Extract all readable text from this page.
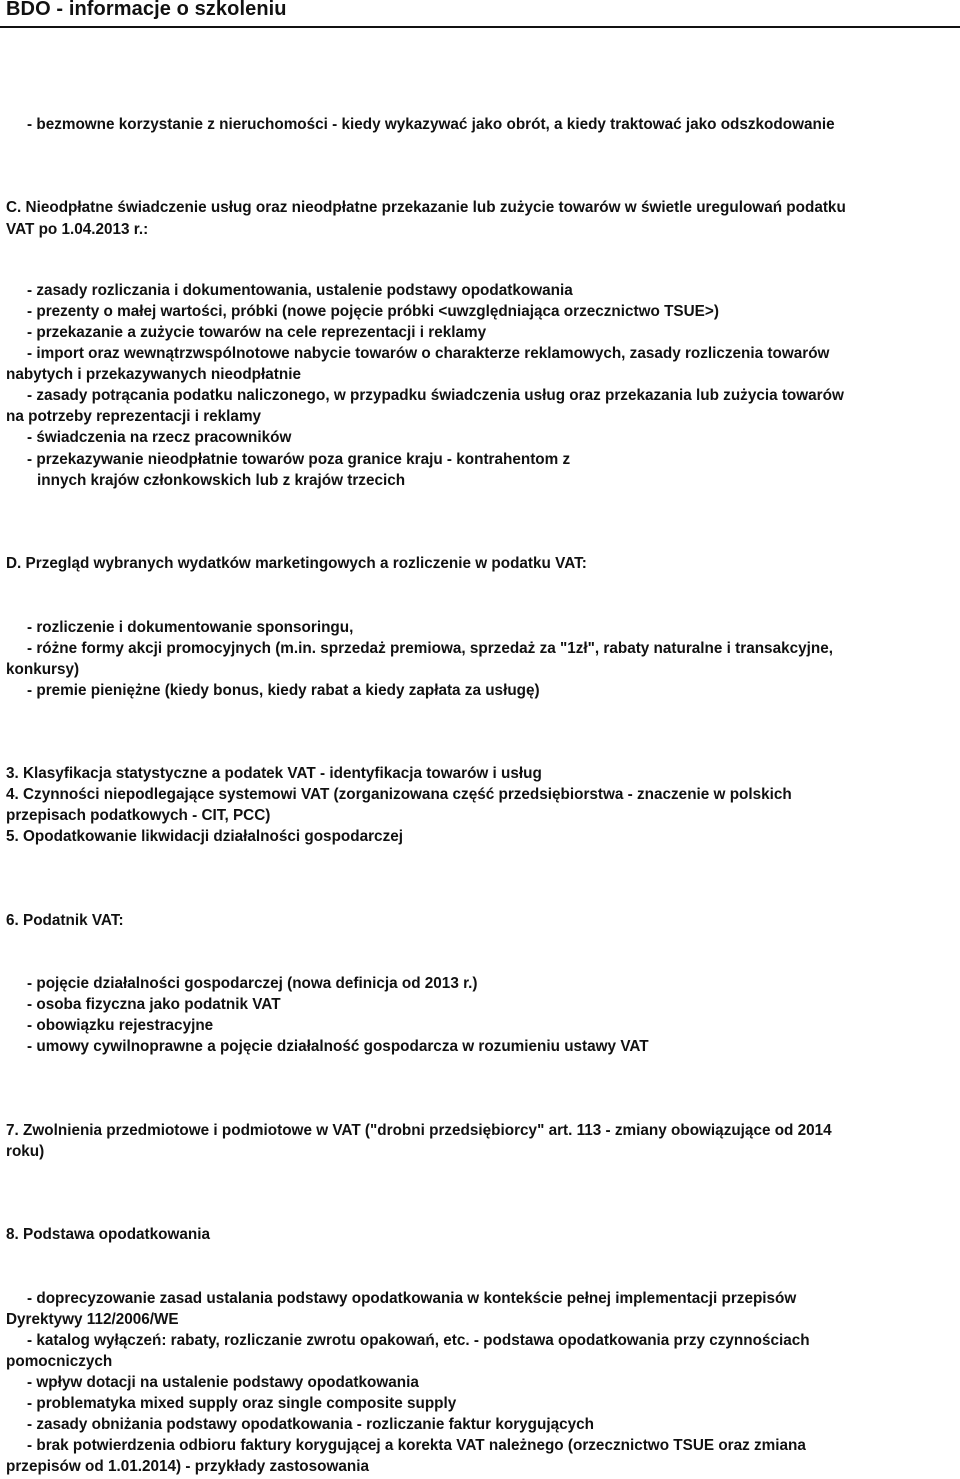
BDO - informacje o szkoleniu

- bezmowne korzystanie z nieruchomości - kiedy wykazywać jako obrót, a kiedy traktować jako odszkodowanie

C. Nieodpłatne świadczenie usług oraz nieodpłatne przekazanie lub zużycie towarów w świetle uregulowań podatku

VAT po 1.04.2013 r.:

- zasady rozliczania i dokumentowania, ustalenie podstawy opodatkowania

- prezenty o małej wartości, próbki (nowe pojęcie próbki <uwzględniająca orzecznictwo TSUE>)

- przekazanie a zużycie towarów na cele reprezentacji i reklamy

- import oraz wewnątrzwspólnotowe nabycie towarów o charakterze reklamowych, zasady rozliczenia towarów

nabytych i przekazywanych nieodpłatnie

- zasady potrącania podatku naliczonego, w przypadku świadczenia usług oraz przekazania lub zużycia towarów

na potrzeby reprezentacji i reklamy

- świadczenia na rzecz pracowników

- przekazywanie nieodpłatnie towarów poza granice kraju - kontrahentom z

innych krajów członkowskich lub z krajów trzecich

D. Przegląd wybranych wydatków marketingowych a rozliczenie w podatku VAT:

- rozliczenie i dokumentowanie sponsoringu,

- różne formy akcji promocyjnych (m.in. sprzedaż premiowa, sprzedaż za "1zł", rabaty naturalne i transakcyjne,

konkursy)

- premie pieniężne (kiedy bonus, kiedy rabat a kiedy zapłata za usługę)

3. Klasyfikacja statystyczne a podatek VAT - identyfikacja towarów i usług

4. Czynności niepodlegające systemowi VAT (zorganizowana część przedsiębiorstwa - znaczenie w polskich

przepisach podatkowych - CIT, PCC)

5. Opodatkowanie likwidacji działalności gospodarczej

6. Podatnik VAT:

- pojęcie działalności gospodarczej (nowa definicja od 2013 r.)

- osoba fizyczna jako podatnik VAT

- obowiązku rejestracyjne

- umowy cywilnoprawne a pojęcie działalność gospodarcza w rozumieniu ustawy VAT

7. Zwolnienia przedmiotowe i podmiotowe w VAT ("drobni przedsiębiorcy" art. 113 - zmiany obowiązujące od 2014

roku)

8. Podstawa opodatkowania

- doprecyzowanie zasad ustalania podstawy opodatkowania w kontekście pełnej implementacji przepisów

Dyrektywy 112/2006/WE

- katalog wyłączeń: rabaty, rozliczanie zwrotu opakowań, etc. - podstawa opodatkowania przy czynnościach

pomocniczych

- wpływ dotacji na ustalenie podstawy opodatkowania

- problematyka mixed supply oraz single composite supply

- zasady obniżania podstawy opodatkowania - rozliczanie faktur korygujących

- brak potwierdzenia odbioru faktury korygującej a korekta VAT należnego (orzecznictwo TSUE oraz zmiana

przepisów od 1.01.2014) - przykłady zastosowania
